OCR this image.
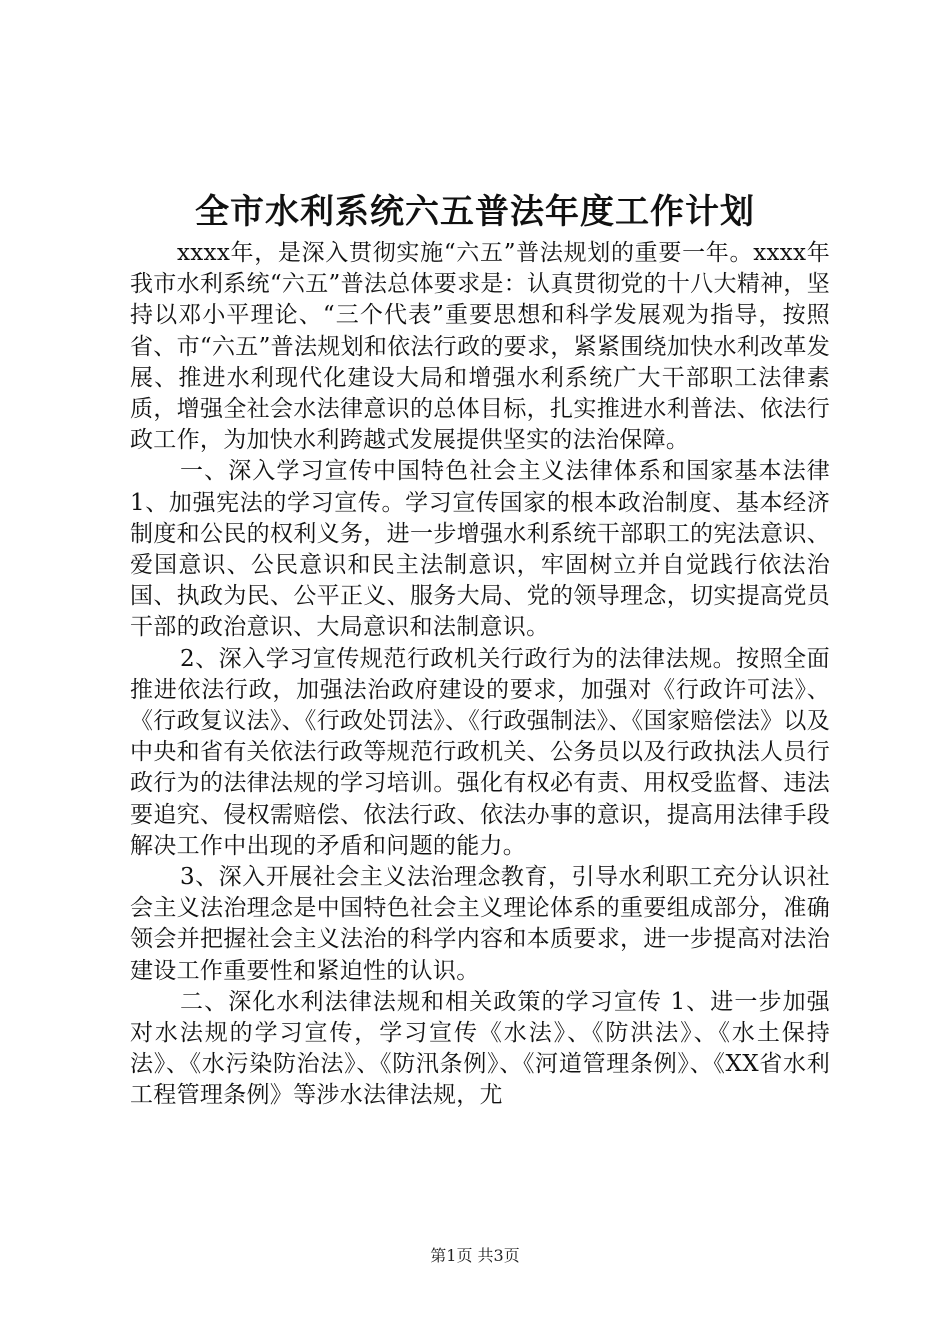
全市水利系统六五普法年度工作计划

xxxx年，是深入贯彻实施“六五”普法规划的重要一年。xxxx年我市水利系统“六五”普法总体要求是：认真贯彻党的十八大精神，坚持以邓小平理论、“三个代表”重要思想和科学发展观为指导，按照省、市“六五”普法规划和依法行政的要求，紧紧围绕加快水利改革发展、推进水利现代化建设大局和增强水利系统广大干部职工法律素质，增强全社会水法律意识的总体目标，扎实推进水利普法、依法行政工作，为加快水利跨越式发展提供坚实的法治保障。

一、深入学习宣传中国特色社会主义法律体系和国家基本法律 1、加强宪法的学习宣传。学习宣传国家的根本政治制度、基本经济制度和公民的权利义务，进一步增强水利系统干部职工的宪法意识、爱国意识、公民意识和民主法制意识，牢固树立并自觉践行依法治国、执政为民、公平正义、服务大局、党的领导理念，切实提高党员干部的政治意识、大局意识和法制意识。

2、深入学习宣传规范行政机关行政行为的法律法规。按照全面推进依法行政，加强法治政府建设的要求，加强对《行政许可法》、《行政复议法》、《行政处罚法》、《行政强制法》、《国家赔偿法》以及中央和省有关依法行政等规范行政机关、公务员以及行政执法人员行政行为的法律法规的学习培训。强化有权必有责、用权受监督、违法要追究、侵权需赔偿、依法行政、依法办事的意识，提高用法律手段解决工作中出现的矛盾和问题的能力。

3、深入开展社会主义法治理念教育，引导水利职工充分认识社会主义法治理念是中国特色社会主义理论体系的重要组成部分，准确领会并把握社会主义法治的科学内容和本质要求，进一步提高对法治建设工作重要性和紧迫性的认识。

二、深化水利法律法规和相关政策的学习宣传 1、进一步加强对水法规的学习宣传，学习宣传《水法》、《防洪法》、《水土保持法》、《水污染防治法》、《防汛条例》、《河道管理条例》、《XX省水利工程管理条例》等涉水法律法规，尤

第1页 共3页
